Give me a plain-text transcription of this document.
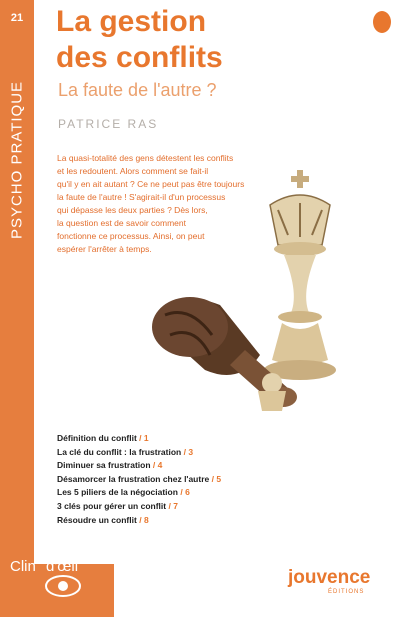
21
PSYCHO PRATIQUE
Clin d'œil
La gestion
des conflits
La faute de l'autre ?
PATRICE RAS

La quasi-totalité des gens détestent les conflits
et les redoutent. Alors comment se fait-il
qu'il y en ait autant ? Ce ne peut pas être toujours
la faute de l'autre ! S'agirait-il d'un processus
qui dépasse les deux parties ? Dès lors,
la question est de savoir comment
fonctionne ce processus. Ainsi, on peut
espérer l'arrêter à temps.

Définition du conflit / 1
La clé du conflit : la frustration / 3
Diminuer sa frustration / 4
Désamorcer la frustration chez l'autre / 5
Les 5 piliers de la négociation / 6
3 clés pour gérer un conflit / 7
Résoudre un conflit / 8
jouvence
ÉDITIONS
